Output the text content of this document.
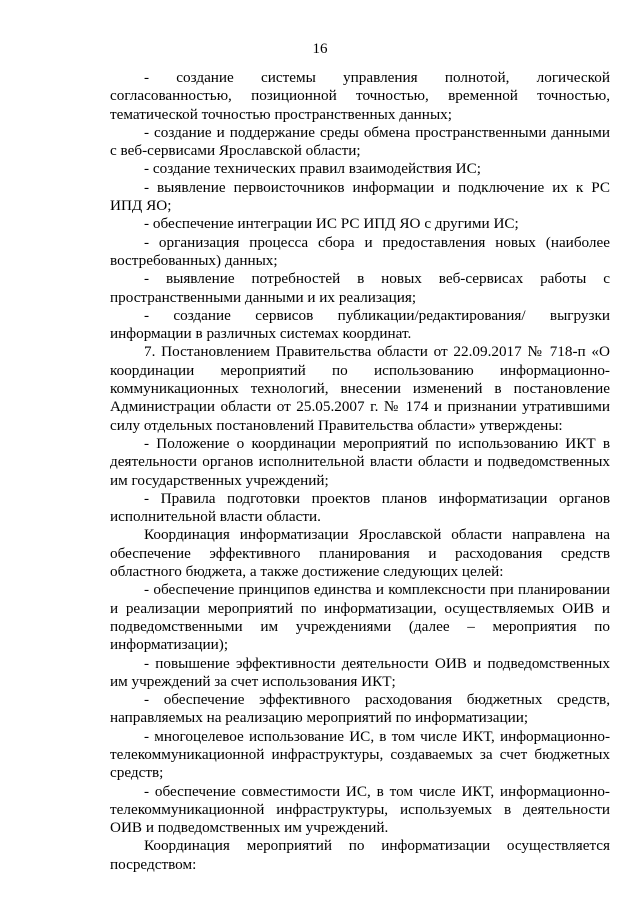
16

- создание системы управления полнотой, логической согласованностью, позиционной точностью, временной точностью, тематической точностью пространственных данных;

- создание и поддержание среды обмена пространственными данными с веб-сервисами Ярославской области;

- создание технических правил взаимодействия ИС;

- выявление первоисточников информации и подключение их к РС ИПД ЯО;

- обеспечение интеграции ИС РС ИПД ЯО с другими ИС;

- организация процесса сбора и предоставления новых (наиболее востребованных) данных;

- выявление потребностей в новых веб-сервисах работы с пространственными данными и их реализация;

- создание сервисов публикации/редактирования/ выгрузки информации в различных системах координат.

7. Постановлением Правительства области от 22.09.2017 № 718-п «О координации мероприятий по использованию информационно-коммуникационных технологий, внесении изменений в постановление Администрации области от 25.05.2007 г. № 174 и признании утратившими силу отдельных постановлений Правительства области» утверждены:

- Положение о координации мероприятий по использованию ИКТ в деятельности органов исполнительной власти области и подведомственных им государственных учреждений;

- Правила подготовки проектов планов информатизации органов исполнительной власти области.

Координация информатизации Ярославской области направлена на обеспечение эффективного планирования и расходования средств областного бюджета, а также достижение следующих целей:

- обеспечение принципов единства и комплексности при планировании и реализации мероприятий по информатизации, осуществляемых ОИВ и подведомственными им учреждениями (далее – мероприятия по информатизации);

- повышение эффективности деятельности ОИВ и подведомственных им учреждений за счет использования ИКТ;

- обеспечение эффективного расходования бюджетных средств, направляемых на реализацию мероприятий по информатизации;

- многоцелевое использование ИС, в том числе ИКТ, информационно-телекоммуникационной инфраструктуры, создаваемых за счет бюджетных средств;

- обеспечение совместимости ИС, в том числе ИКТ, информационно-телекоммуникационной инфраструктуры, используемых в деятельности ОИВ и подведомственных им учреждений.

Координация мероприятий по информатизации осуществляется посредством:
